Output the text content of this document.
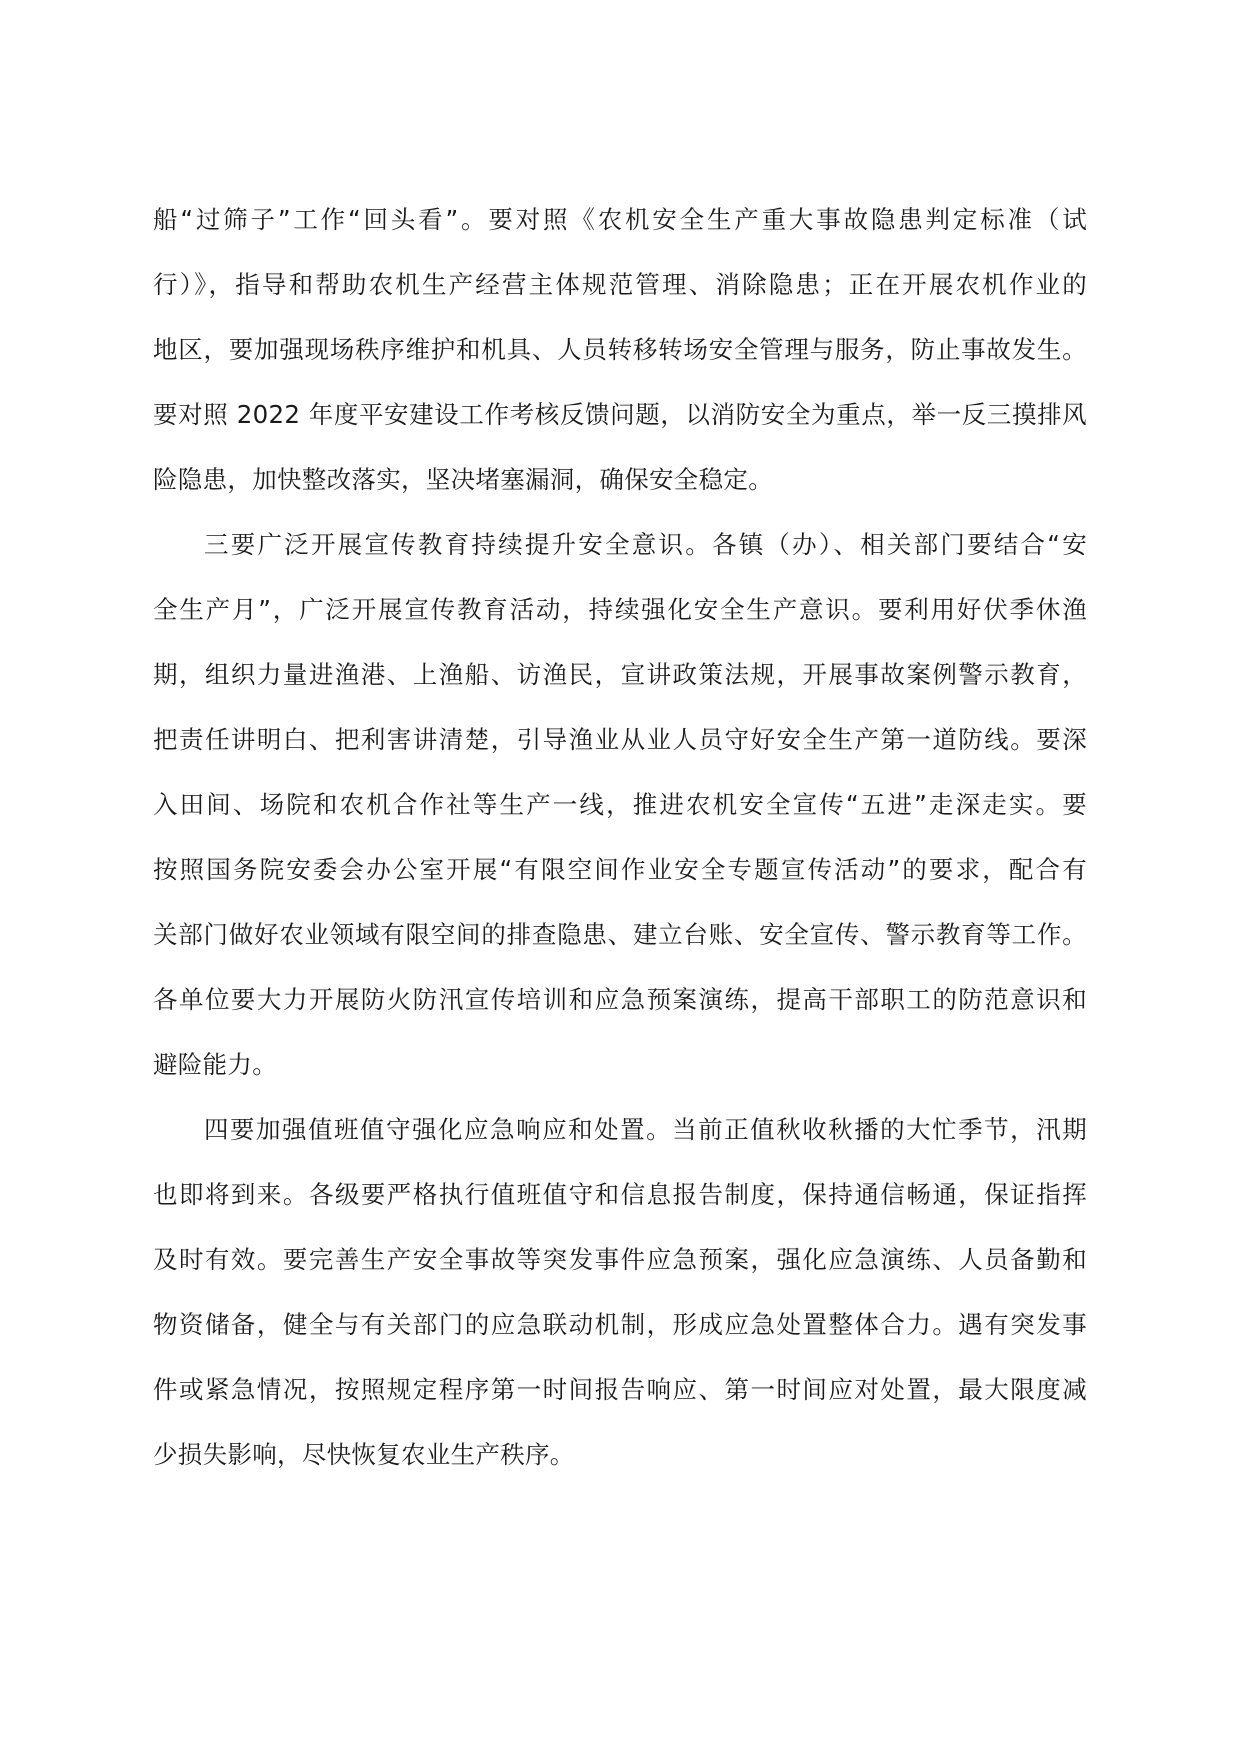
船“过筛子”工作“回头看”。要对照《农机安全生产重大事故隐患判定标准（试
行）》，指导和帮助农机生产经营主体规范管理、消除隐患；正在开展农机作业的
地区，要加强现场秩序维护和机具、人员转移转场安全管理与服务，防止事故发生。
要对照 2022 年度平安建设工作考核反馈问题，以消防安全为重点，举一反三摸排风
险隐患，加快整改落实，坚决堵塞漏洞，确保安全稳定。
三要广泛开展宣传教育持续提升安全意识。各镇（办）、相关部门要结合“安
全生产月”，广泛开展宣传教育活动，持续强化安全生产意识。要利用好伏季休渔
期，组织力量进渔港、上渔船、访渔民，宣讲政策法规，开展事故案例警示教育，
把责任讲明白、把利害讲清楚，引导渔业从业人员守好安全生产第一道防线。要深
入田间、场院和农机合作社等生产一线，推进农机安全宣传“五进”走深走实。要
按照国务院安委会办公室开展“有限空间作业安全专题宣传活动”的要求，配合有
关部门做好农业领域有限空间的排查隐患、建立台账、安全宣传、警示教育等工作。
各单位要大力开展防火防汛宣传培训和应急预案演练，提高干部职工的防范意识和
避险能力。
四要加强值班值守强化应急响应和处置。当前正值秋收秋播的大忙季节，汛期
也即将到来。各级要严格执行值班值守和信息报告制度，保持通信畅通，保证指挥
及时有效。要完善生产安全事故等突发事件应急预案，强化应急演练、人员备勤和
物资储备，健全与有关部门的应急联动机制，形成应急处置整体合力。遇有突发事
件或紧急情况，按照规定程序第一时间报告响应、第一时间应对处置，最大限度减
少损失影响，尽快恢复农业生产秩序。
